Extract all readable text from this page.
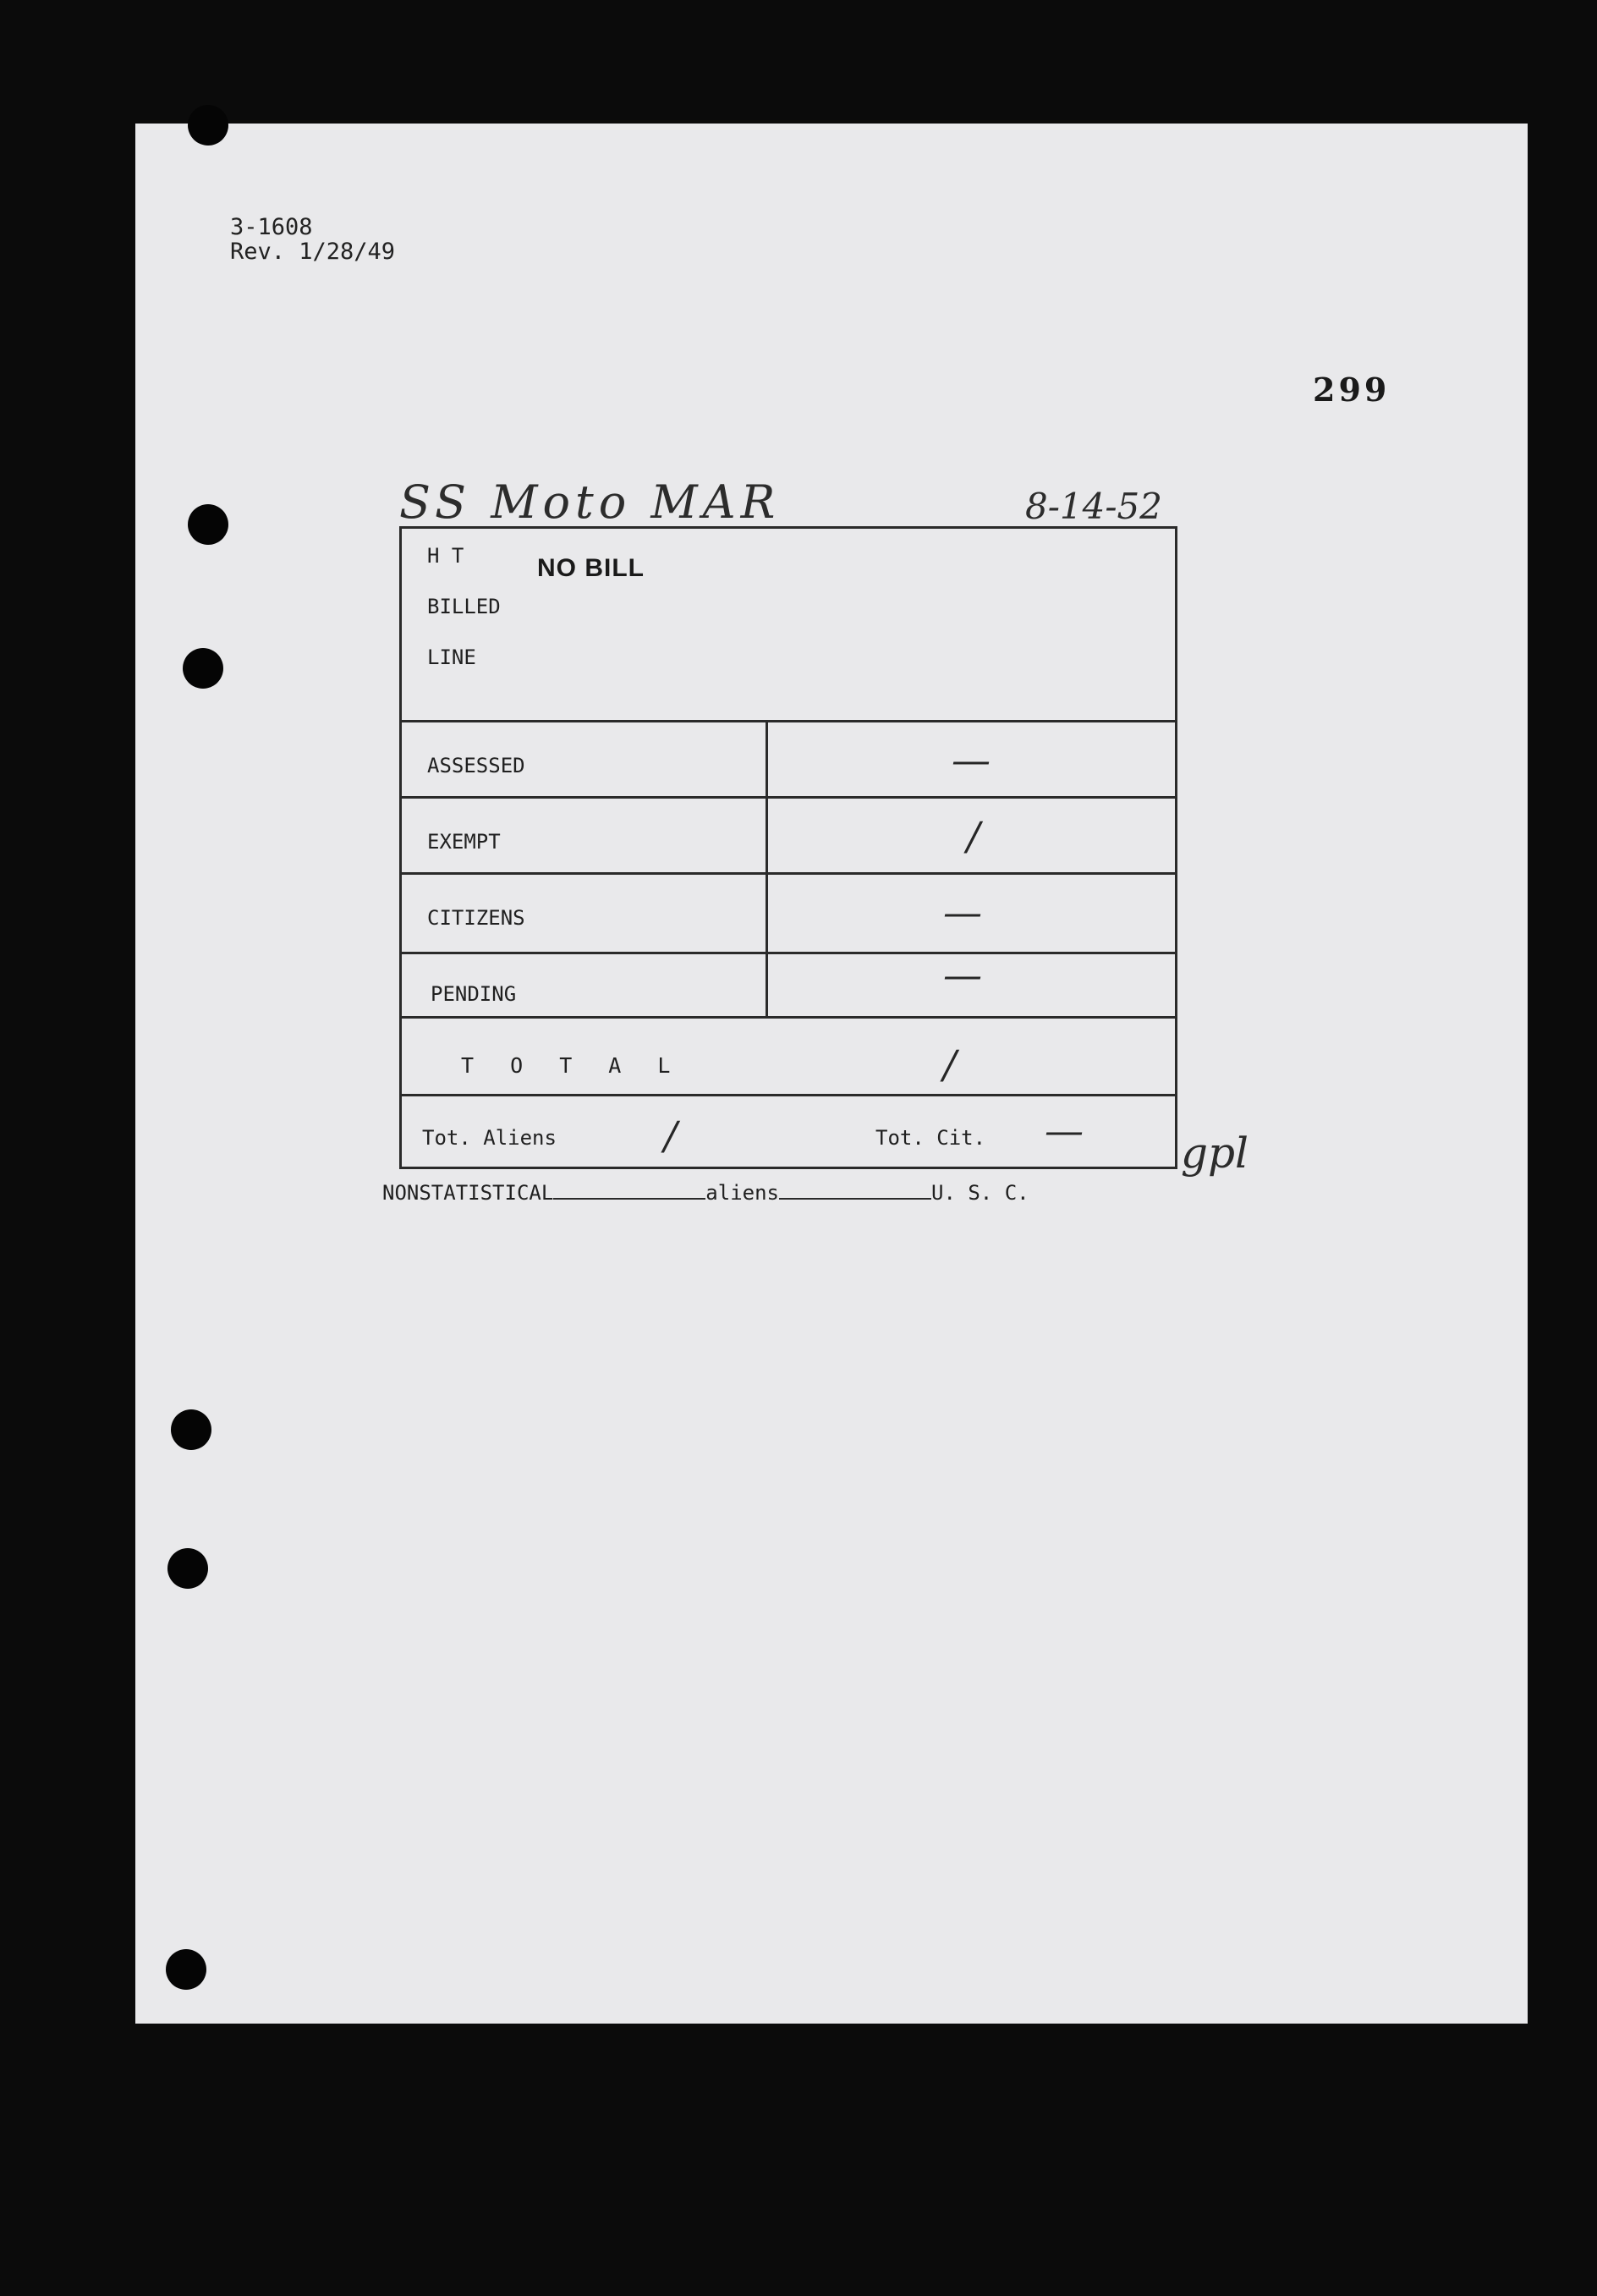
3-1608
Rev. 1/28/49
299
SS Moto MAR	8-14-52
H T
BILLED
LINE
NO BILL
ASSESSED	—
EXEMPT	/
CITIZENS	—
PENDING	—
T O T A L	/
Tot. Aliens	/	Tot. Cit. — gpl
NONSTATISTICAL	aliens	U. S. C.
